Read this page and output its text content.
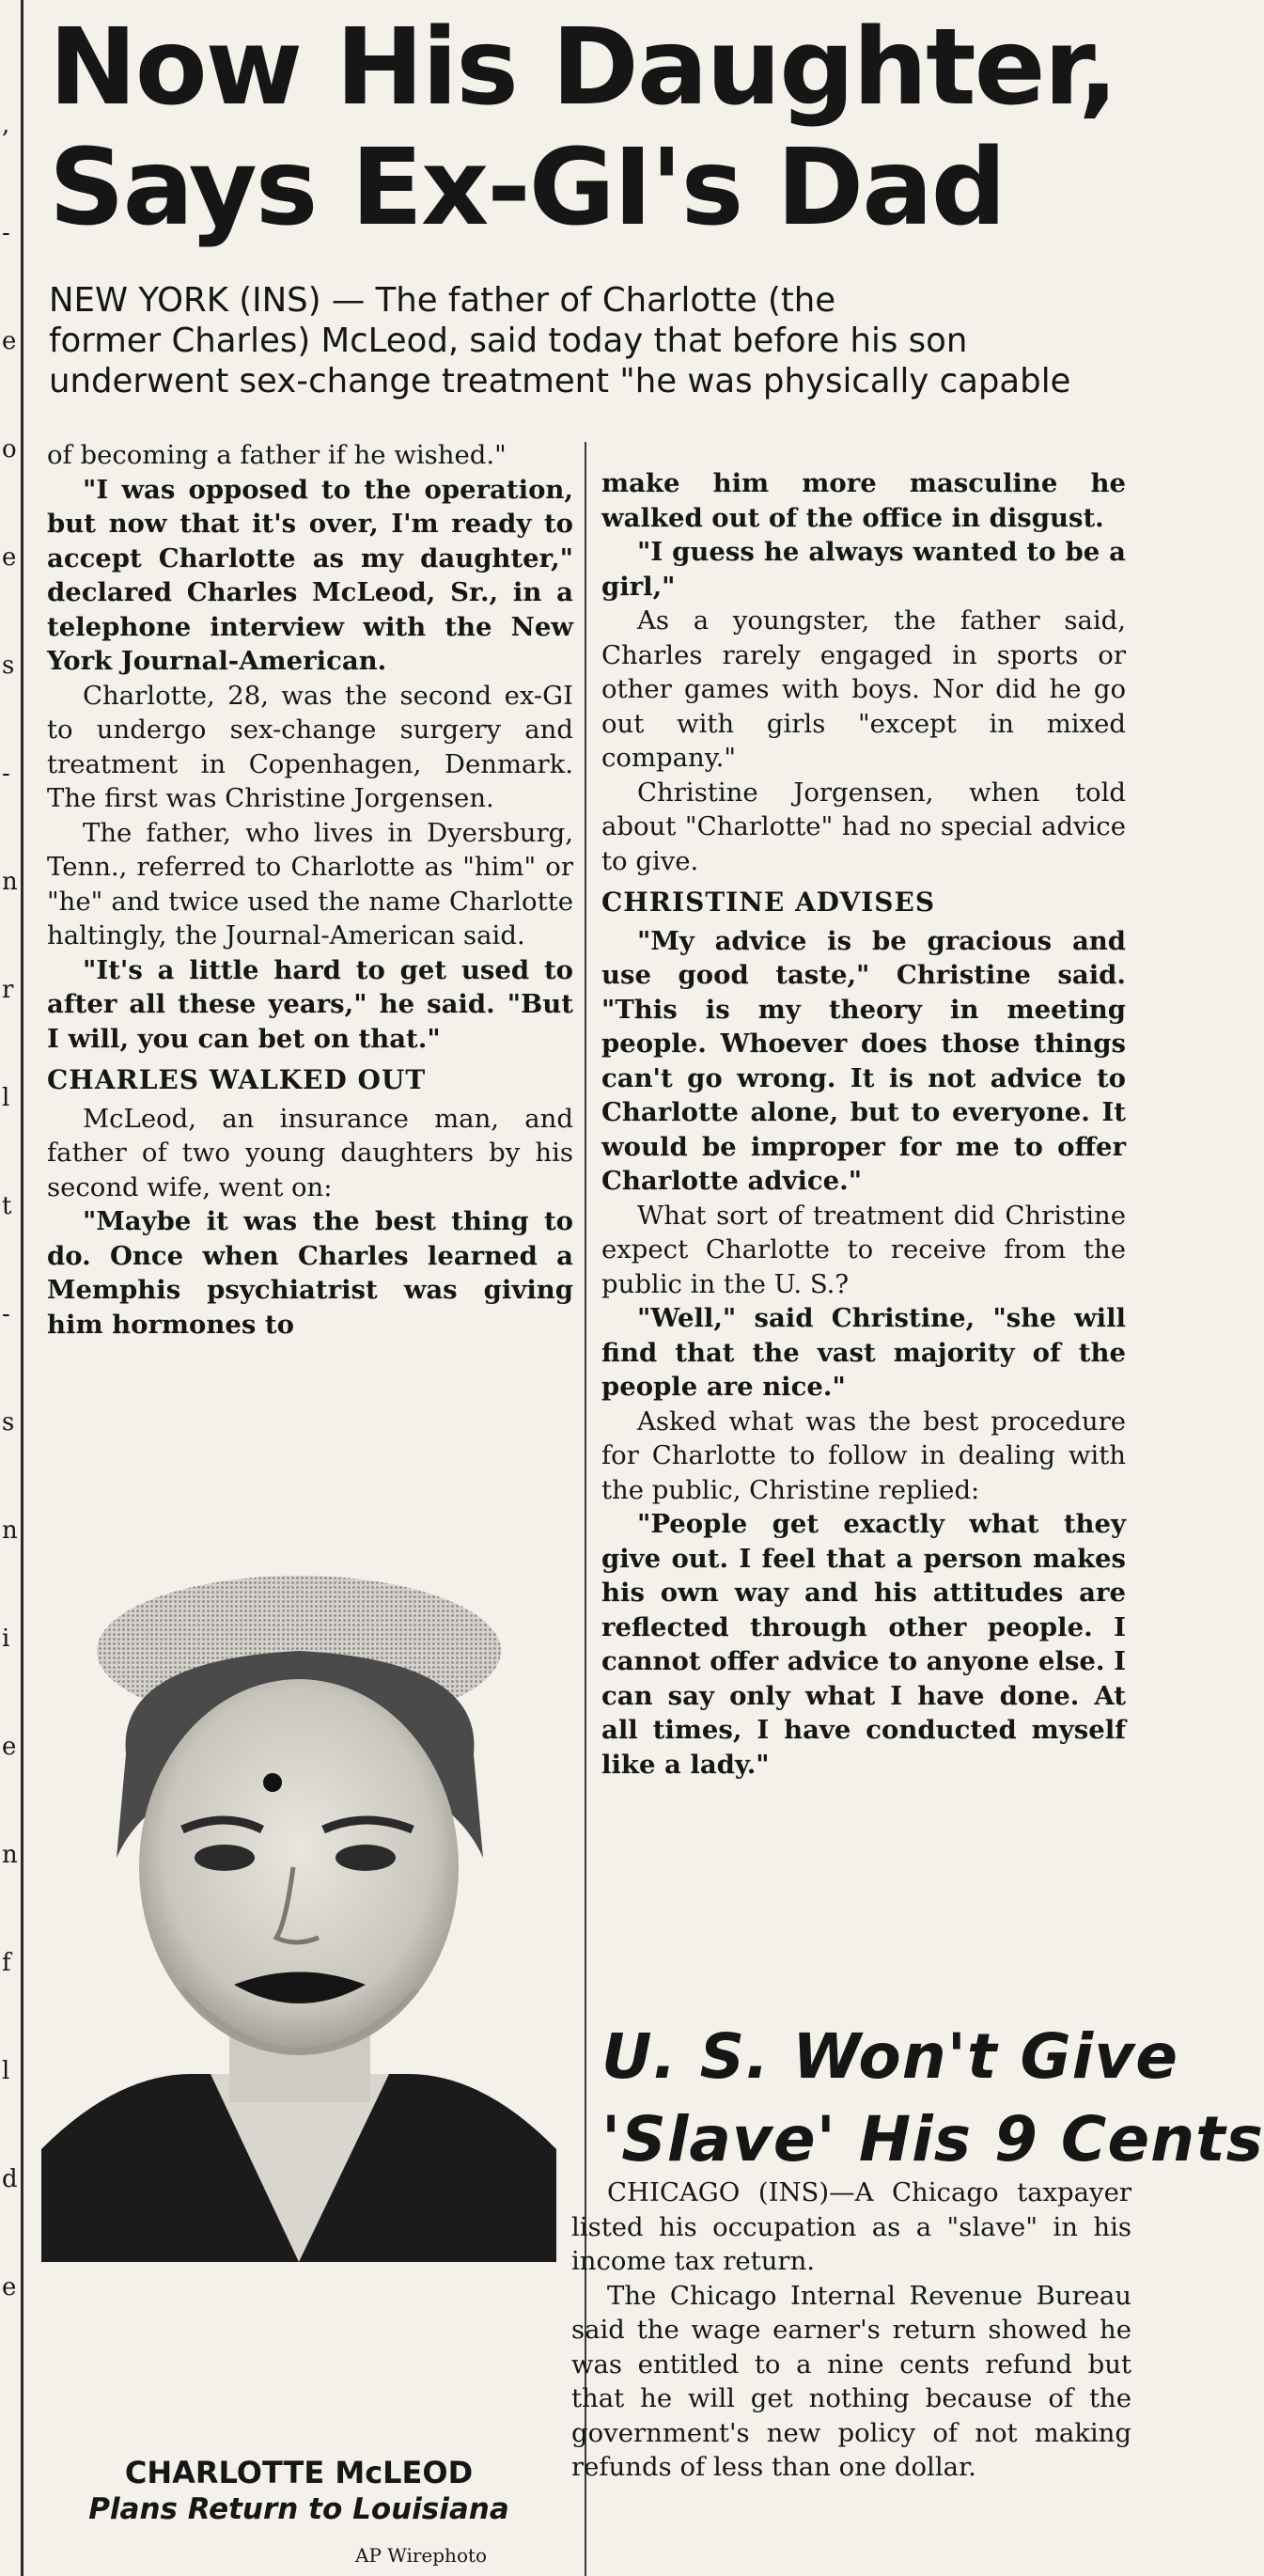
,
-
e
o
e
s
-
n
r
l
t
-
s
n
i
e
n
f
l
d
e
Now His Daughter,
Says Ex-GI's Dad
NEW YORK (INS) — The father of Charlotte (the
former Charles) McLeod, said today that before his son
underwent sex-change treatment "he was physically capable

of becoming a father if he wished."

"I was opposed to the operation, but now that it's over, I'm ready to accept Charlotte as my daughter," declared Charles McLeod, Sr., in a telephone interview with the New York Journal-American.

Charlotte, 28, was the second ex-GI to undergo sex-change surgery and treatment in Copenhagen, Denmark. The first was Christine Jorgensen.

The father, who lives in Dyersburg, Tenn., referred to Charlotte as "him" or "he" and twice used the name Charlotte haltingly, the Journal-American said.

"It's a little hard to get used to after all these years," he said. "But I will, you can bet on that."

CHARLES WALKED OUT

McLeod, an insurance man, and father of two young daughters by his second wife, went on:

"Maybe it was the best thing to do. Once when Charles learned a Memphis psychiatrist was giving him hormones to

make him more masculine he walked out of the office in disgust.

"I guess he always wanted to be a girl,"

As a youngster, the father said, Charles rarely engaged in sports or other games with boys. Nor did he go out with girls "except in mixed company."

Christine Jorgensen, when told about "Charlotte" had no special advice to give.

CHRISTINE ADVISES

"My advice is be gracious and use good taste," Christine said. "This is my theory in meeting people. Whoever does those things can't go wrong. It is not advice to Charlotte alone, but to everyone. It would be improper for me to offer Charlotte advice."

What sort of treatment did Christine expect Charlotte to receive from the public in the U. S.?

"Well," said Christine, "she will find that the vast majority of the people are nice."

Asked what was the best procedure for Charlotte to follow in dealing with the public, Christine replied:

"People get exactly what they give out. I feel that a person makes his own way and his attitudes are reflected through other people. I cannot offer advice to anyone else. I can say only what I have done. At all times, I have conducted myself like a lady."

CHARLOTTE McLEOD
Plans Return to Louisiana
AP Wirephoto
U. S. Won't Give
'Slave' His 9 Cents

CHICAGO (INS)—A Chicago taxpayer listed his occupation as a "slave" in his income tax return.

The Chicago Internal Revenue Bureau said the wage earner's return showed he was entitled to a nine cents refund but that he will get nothing because of the government's new policy of not making refunds of less than one dollar.
